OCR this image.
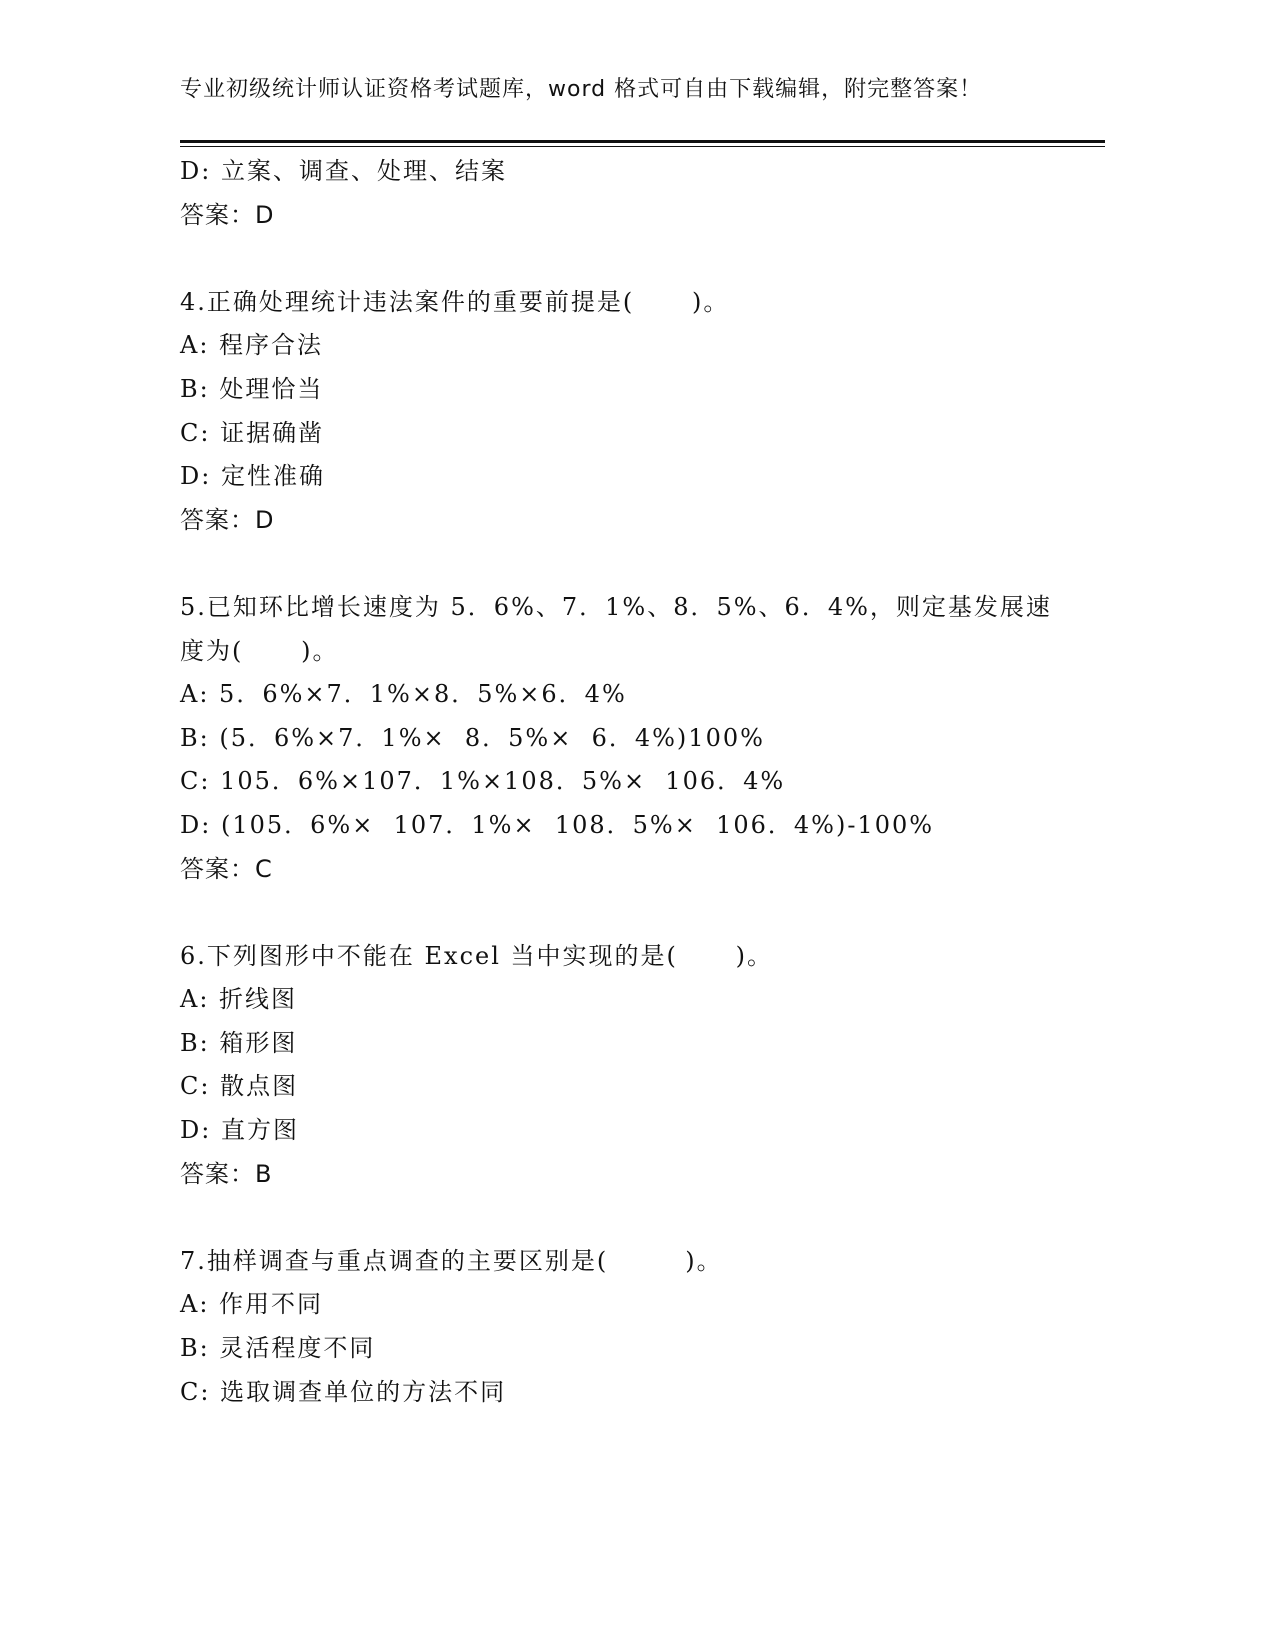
专业初级统计师认证资格考试题库，word 格式可自由下载编辑，附完整答案！
D: 立案、调查、处理、结案
答案：D
4.正确处理统计违法案件的重要前提是(      )。
A: 程序合法
B: 处理恰当
C: 证据确凿
D: 定性准确
答案：D
5.已知环比增长速度为 5．6%、7．1%、8．5%、6．4%，则定基发展速
度为(      )。
A: 5．6%×7．1%×8．5%×6．4%
B: (5．6%×7．1%×  8．5%×  6．4%)100%
C: 105．6%×107．1%×108．5%×  106．4%
D: (105．6%×  107．1%×  108．5%×  106．4%)-100%
答案：C
6.下列图形中不能在 Excel 当中实现的是(      )。
A: 折线图
B: 箱形图
C: 散点图
D: 直方图
答案：B
7.抽样调查与重点调查的主要区别是(        )。
A: 作用不同
B: 灵活程度不同
C: 选取调查单位的方法不同
